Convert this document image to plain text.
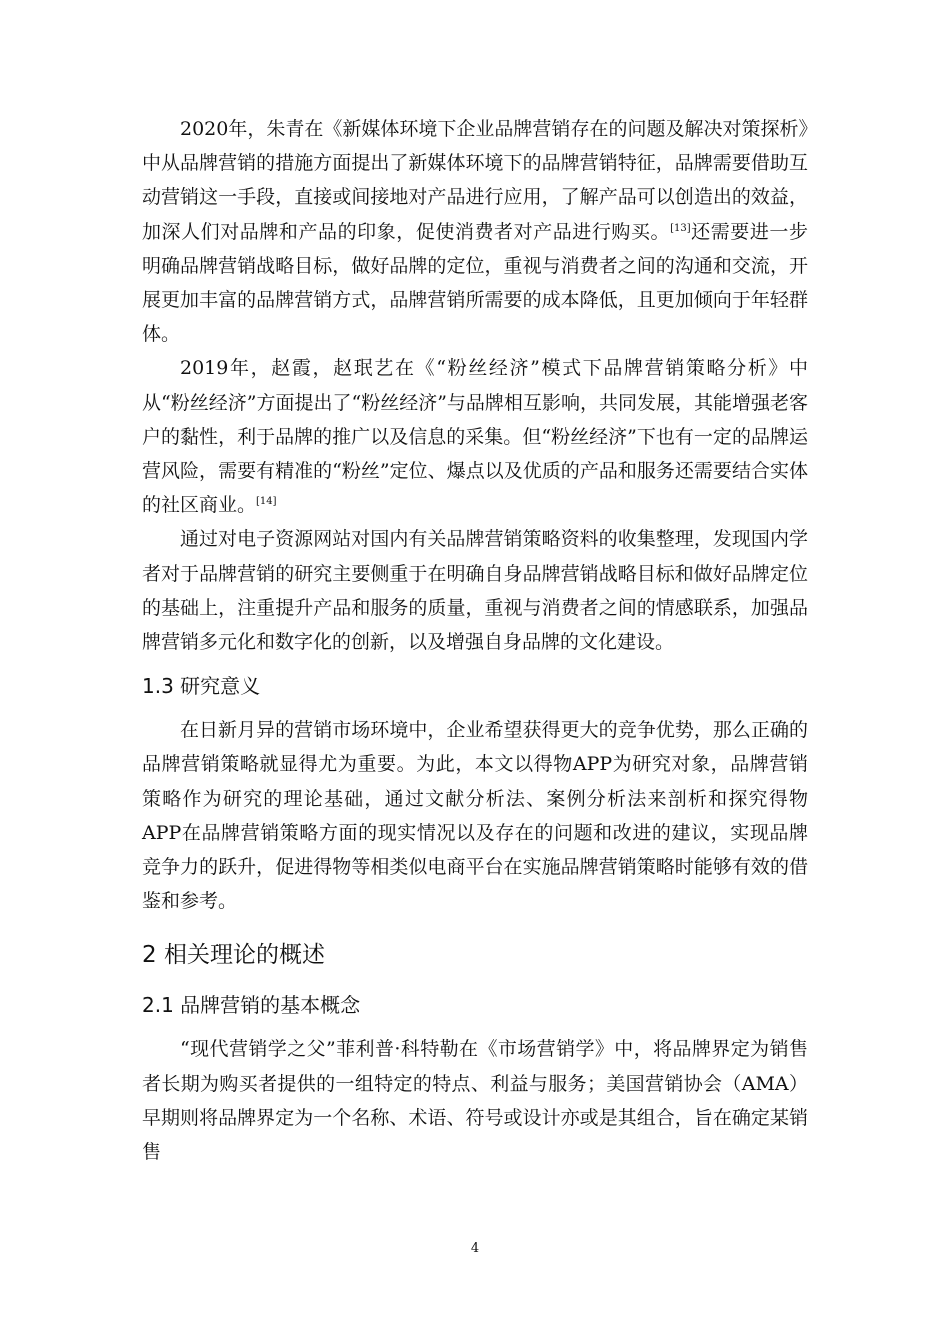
2020年，朱青在《新媒体环境下企业品牌营销存在的问题及解决对策探析》中从品牌营销的措施方面提出了新媒体环境下的品牌营销特征，品牌需要借助互动营销这一手段，直接或间接地对产品进行应用，了解产品可以创造出的效益，加深人们对品牌和产品的印象，促使消费者对产品进行购买。[13]还需要进一步明确品牌营销战略目标，做好品牌的定位，重视与消费者之间的沟通和交流，开展更加丰富的品牌营销方式，品牌营销所需要的成本降低，且更加倾向于年轻群体。

2019年，赵霞，赵珉艺在《“粉丝经济”模式下品牌营销策略分析》中从“粉丝经济”方面提出了“粉丝经济”与品牌相互影响，共同发展，其能增强老客户的黏性，利于品牌的推广以及信息的采集。但“粉丝经济”下也有一定的品牌运营风险，需要有精准的“粉丝”定位、爆点以及优质的产品和服务还需要结合实体的社区商业。[14]

通过对电子资源网站对国内有关品牌营销策略资料的收集整理，发现国内学者对于品牌营销的研究主要侧重于在明确自身品牌营销战略目标和做好品牌定位的基础上，注重提升产品和服务的质量，重视与消费者之间的情感联系，加强品牌营销多元化和数字化的创新，以及增强自身品牌的文化建设。

1.3 研究意义

在日新月异的营销市场环境中，企业希望获得更大的竞争优势，那么正确的品牌营销策略就显得尤为重要。为此，本文以得物APP为研究对象，品牌营销策略作为研究的理论基础，通过文献分析法、案例分析法来剖析和探究得物APP在品牌营销策略方面的现实情况以及存在的问题和改进的建议，实现品牌竞争力的跃升，促进得物等相类似电商平台在实施品牌营销策略时能够有效的借鉴和参考。

2 相关理论的概述
2.1 品牌营销的基本概念

“现代营销学之父”菲利普·科特勒在《市场营销学》中，将品牌界定为销售者长期为购买者提供的一组特定的特点、利益与服务；美国营销协会（AMA）早期则将品牌界定为一个名称、术语、符号或设计亦或是其组合，旨在确定某销售

4
